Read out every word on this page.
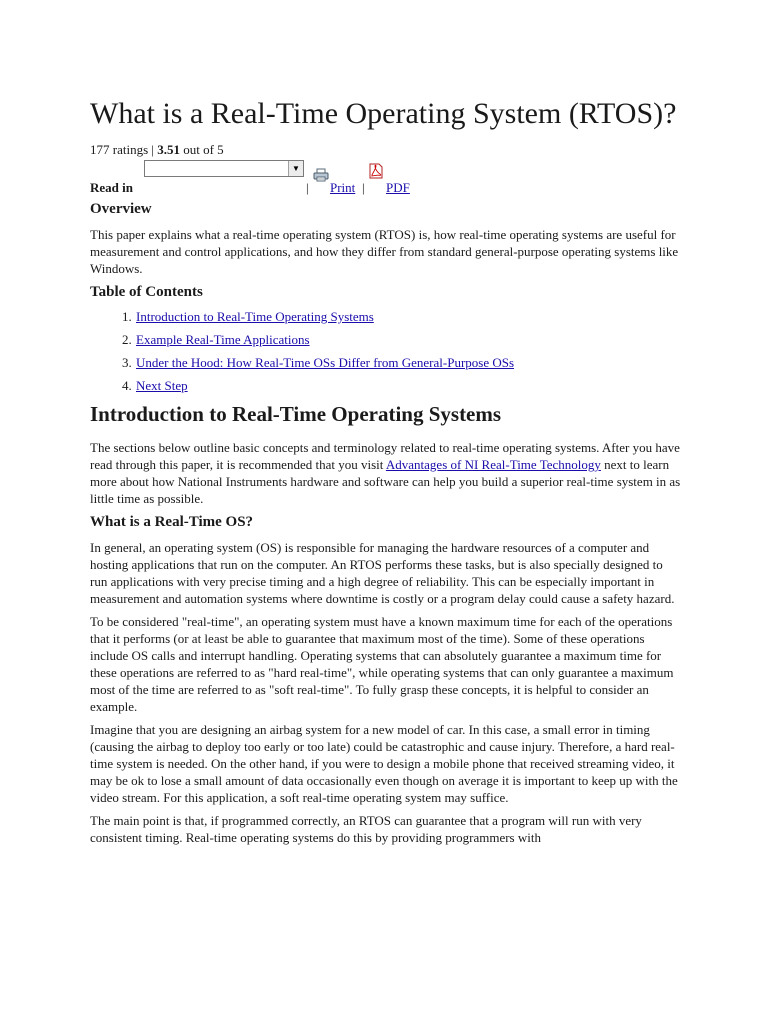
What is a Real-Time Operating System (RTOS)?
177 ratings | 3.51 out of 5
Read in
▼
| Print | PDF
Overview

This paper explains what a real-time operating system (RTOS) is, how real-time operating systems are useful for measurement and control applications, and how they differ from standard general-purpose operating systems like Windows.

Table of Contents
1. Introduction to Real-Time Operating Systems
2. Example Real-Time Applications
3. Under the Hood: How Real-Time OSs Differ from General-Purpose OSs
4. Next Step
Introduction to Real-Time Operating Systems

The sections below outline basic concepts and terminology related to real-time operating systems. After you have read through this paper, it is recommended that you visit Advantages of NI Real-Time Technology next to learn more about how National Instruments hardware and software can help you build a superior real-time system in as little time as possible.

What is a Real-Time OS?

In general, an operating system (OS) is responsible for managing the hardware resources of a computer and hosting applications that run on the computer. An RTOS performs these tasks, but is also specially designed to run applications with very precise timing and a high degree of reliability. This can be especially important in measurement and automation systems where downtime is costly or a program delay could cause a safety hazard.

To be considered "real-time", an operating system must have a known maximum time for each of the operations that it performs (or at least be able to guarantee that maximum most of the time). Some of these operations include OS calls and interrupt handling. Operating systems that can absolutely guarantee a maximum time for these operations are referred to as "hard real-time", while operating systems that can only guarantee a maximum most of the time are referred to as "soft real-time". To fully grasp these concepts, it is helpful to consider an example.

Imagine that you are designing an airbag system for a new model of car. In this case, a small error in timing (causing the airbag to deploy too early or too late) could be catastrophic and cause injury. Therefore, a hard real-time system is needed. On the other hand, if you were to design a mobile phone that received streaming video, it may be ok to lose a small amount of data occasionally even though on average it is important to keep up with the video stream. For this application, a soft real-time operating system may suffice.

The main point is that, if programmed correctly, an RTOS can guarantee that a program will run with very consistent timing. Real-time operating systems do this by providing programmers with
